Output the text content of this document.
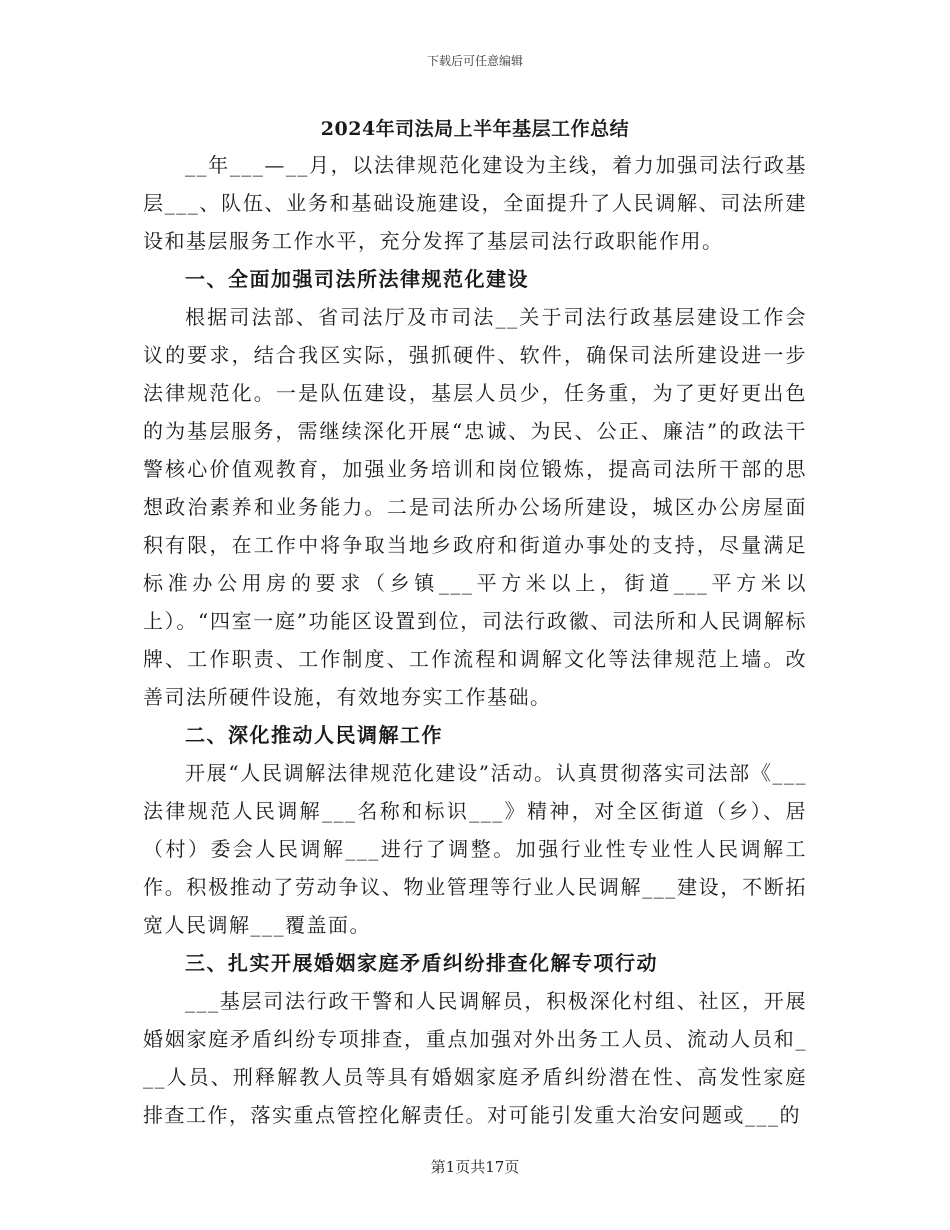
下载后可任意编辑
2024年司法局上半年基层工作总结

__年___—__月，以法律规范化建设为主线，着力加强司法行政基层___、队伍、业务和基础设施建设，全面提升了人民调解、司法所建设和基层服务工作水平，充分发挥了基层司法行政职能作用。

一、全面加强司法所法律规范化建设

根据司法部、省司法厅及市司法__关于司法行政基层建设工作会议的要求，结合我区实际，强抓硬件、软件，确保司法所建设进一步法律规范化。一是队伍建设，基层人员少，任务重，为了更好更出色的为基层服务，需继续深化开展“忠诚、为民、公正、廉洁”的政法干警核心价值观教育，加强业务培训和岗位锻炼，提高司法所干部的思想政治素养和业务能力。二是司法所办公场所建设，城区办公房屋面积有限，在工作中将争取当地乡政府和街道办事处的支持，尽量满足标准办公用房的要求（乡镇___平方米以上，街道___平方米以上）。“四室一庭”功能区设置到位，司法行政徽、司法所和人民调解标牌、工作职责、工作制度、工作流程和调解文化等法律规范上墙。改善司法所硬件设施，有效地夯实工作基础。

二、深化推动人民调解工作

开展“人民调解法律规范化建设”活动。认真贯彻落实司法部《___法律规范人民调解___名称和标识___》精神，对全区街道（乡）、居（村）委会人民调解___进行了调整。加强行业性专业性人民调解工作。积极推动了劳动争议、物业管理等行业人民调解___建设，不断拓宽人民调解___覆盖面。

三、扎实开展婚姻家庭矛盾纠纷排查化解专项行动

___基层司法行政干警和人民调解员，积极深化村组、社区，开展婚姻家庭矛盾纠纷专项排查，重点加强对外出务工人员、流动人员和___人员、刑释解教人员等具有婚姻家庭矛盾纠纷潜在性、高发性家庭排查工作，落实重点管控化解责任。对可能引发重大治安问题或___的

第1页共17页
